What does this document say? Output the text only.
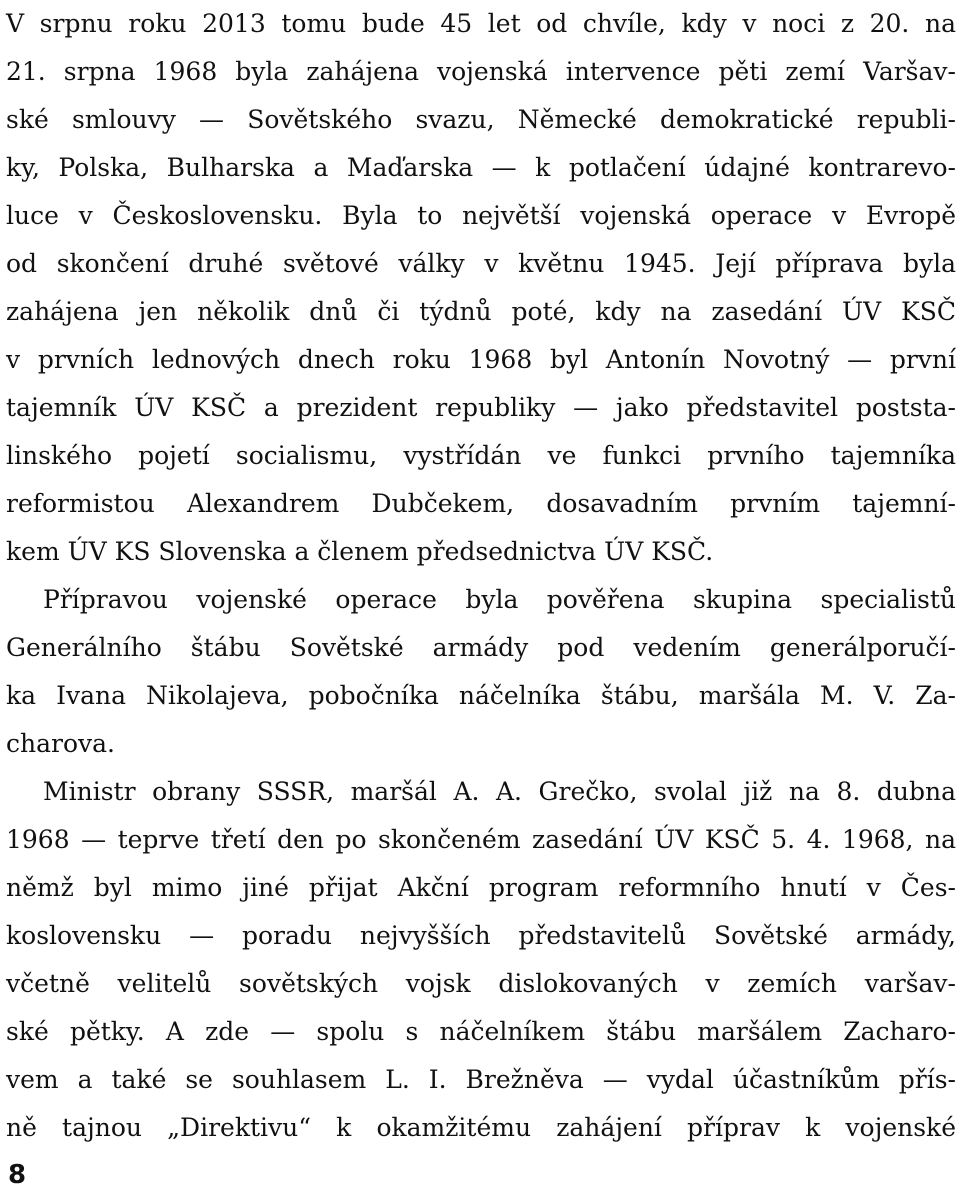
V srpnu roku 2013 tomu bude 45 let od chvíle, kdy v noci z 20. na
21. srpna 1968 byla zahájena vojenská intervence pěti zemí Varšav-
ské smlouvy — Sovětského svazu, Německé demokratické republi-
ky, Polska, Bulharska a Maďarska — k potlačení údajné kontrarevo-
luce v Československu. Byla to největší vojenská operace v Evropě
od skončení druhé světové války v květnu 1945. Její příprava byla
zahájena jen několik dnů či týdnů poté, kdy na zasedání ÚV KSČ
v prvních lednových dnech roku 1968 byl Antonín Novotný — první
tajemník ÚV KSČ a prezident republiky — jako představitel poststa-
linského pojetí socialismu, vystřídán ve funkci prvního tajemníka
reformistou Alexandrem Dubčekem, dosavadním prvním tajemní-
kem ÚV KS Slovenska a členem předsednictva ÚV KSČ.
Přípravou vojenské operace byla pověřena skupina specialistů
Generálního štábu Sovětské armády pod vedením generálporučí-
ka Ivana Nikolajeva, pobočníka náčelníka štábu, maršála M. V. Za-
charova.
Ministr obrany SSSR, maršál A. A. Grečko, svolal již na 8. dubna
1968 — teprve třetí den po skončeném zasedání ÚV KSČ 5. 4. 1968, na
němž byl mimo jiné přijat Akční program reformního hnutí v Čes-
koslovensku — poradu nejvyšších představitelů Sovětské armády,
včetně velitelů sovětských vojsk dislokovaných v zemích varšav-
ské pětky. A zde — spolu s náčelníkem štábu maršálem Zacharo-
vem a také se souhlasem L. I. Brežněva — vydal účastníkům přís-
ně tajnou „Direktivu“ k okamžitému zahájení příprav k vojenské
8
